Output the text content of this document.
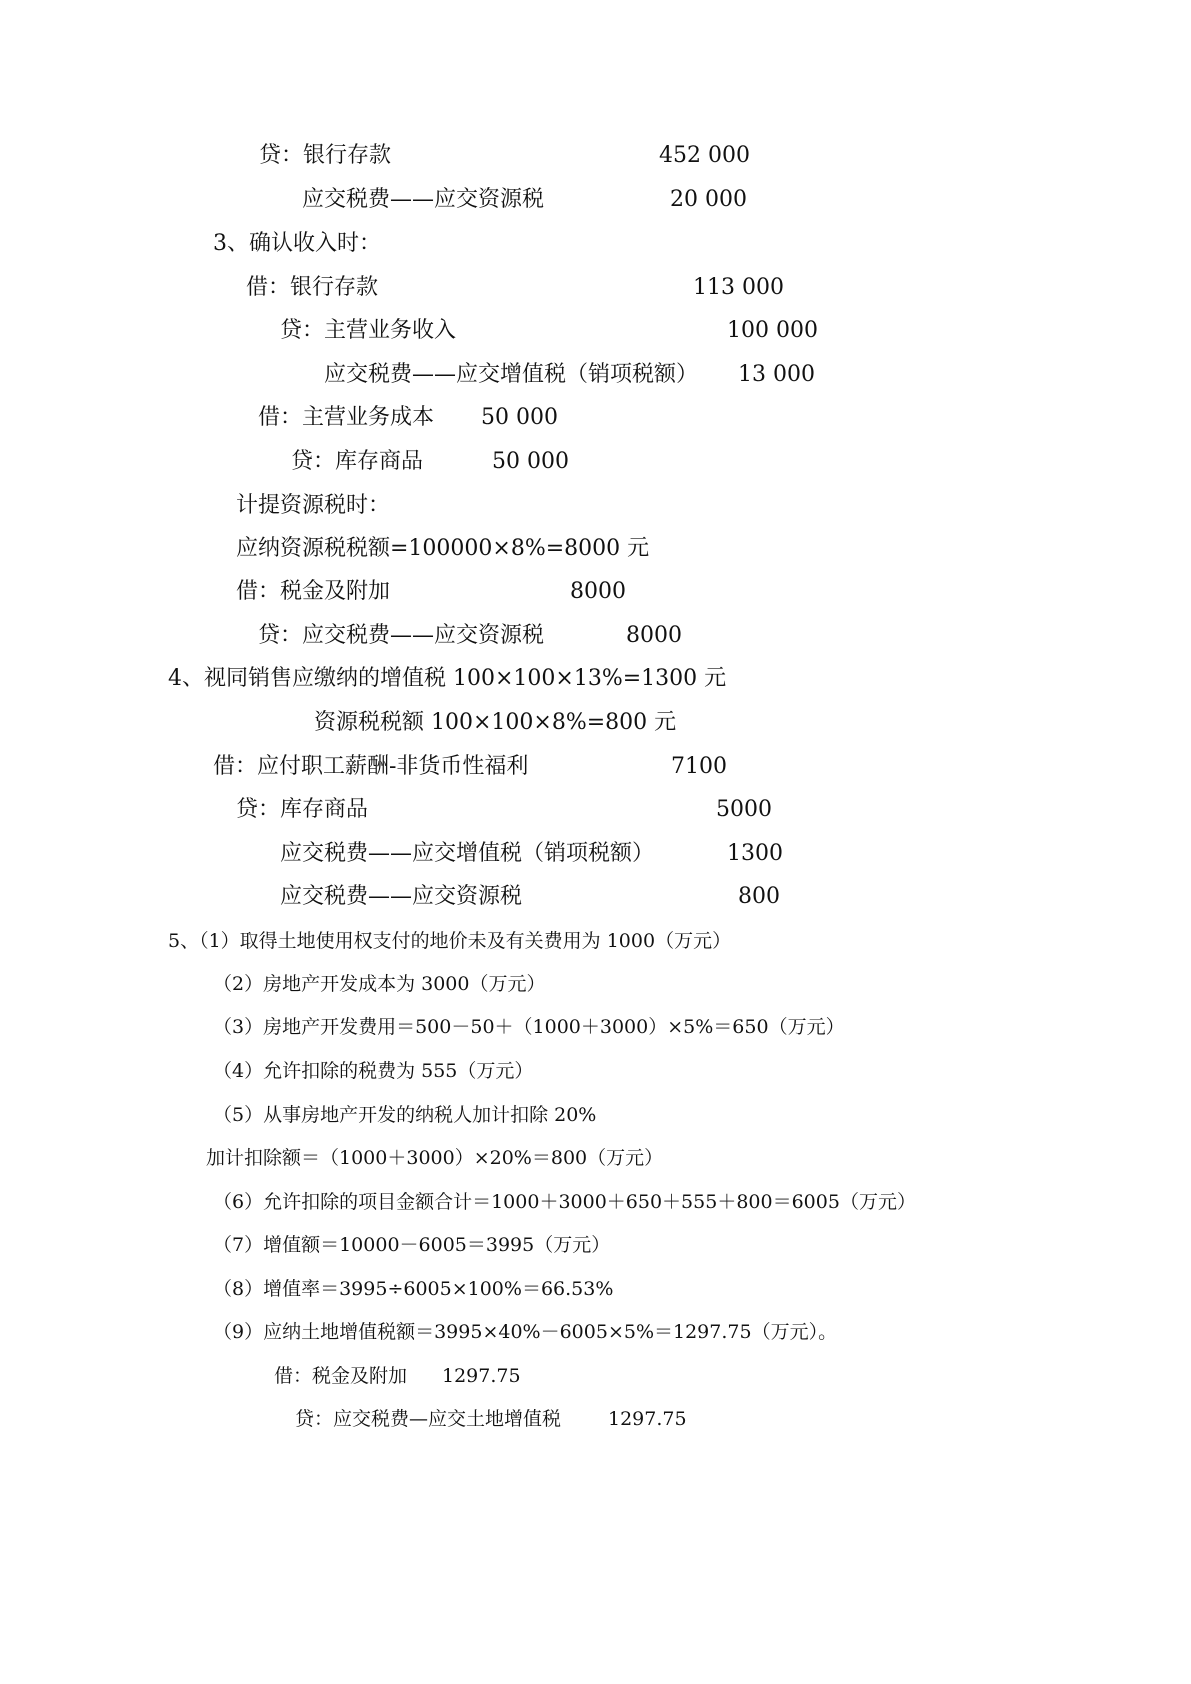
贷：银行存款	452 000
应交税费——应交资源税	20 000
3、确认收入时：
借：银行存款	113 000
贷：主营业务收入	100 000
应交税费——应交增值税（销项税额） 13 000
借：主营业务成本 50 000
贷：库存商品	50 000
计提资源税时：
应纳资源税税额=100000×8%=8000 元
借：税金及附加	8000
贷：应交税费——应交资源税	8000
4、视同销售应缴纳的增值税 100×100×13%=1300 元
资源税税额 100×100×8%=800 元
借：应付职工薪酬-非货币性福利	7100
贷：库存商品	5000
应交税费——应交增值税（销项税额）	1300
应交税费——应交资源税	800
5、（1）取得土地使用权支付的地价未及有关费用为 1000（万元）
（2）房地产开发成本为 3000（万元）
（3）房地产开发费用＝500－50＋（1000＋3000）×5%＝650（万元）
（4）允许扣除的税费为 555（万元）
（5）从事房地产开发的纳税人加计扣除 20%
加计扣除额＝（1000＋3000）×20%＝800（万元）
（6）允许扣除的项目金额合计＝1000＋3000＋650＋555＋800＝6005（万元）
（7）增值额＝10000－6005＝3995（万元）
（8）增值率＝3995÷6005×100%＝66.53%
（9）应纳土地增值税额＝3995×40%－6005×5%＝1297.75（万元）。
借：税金及附加 1297.75
贷：应交税费—应交土地增值税 1297.75
